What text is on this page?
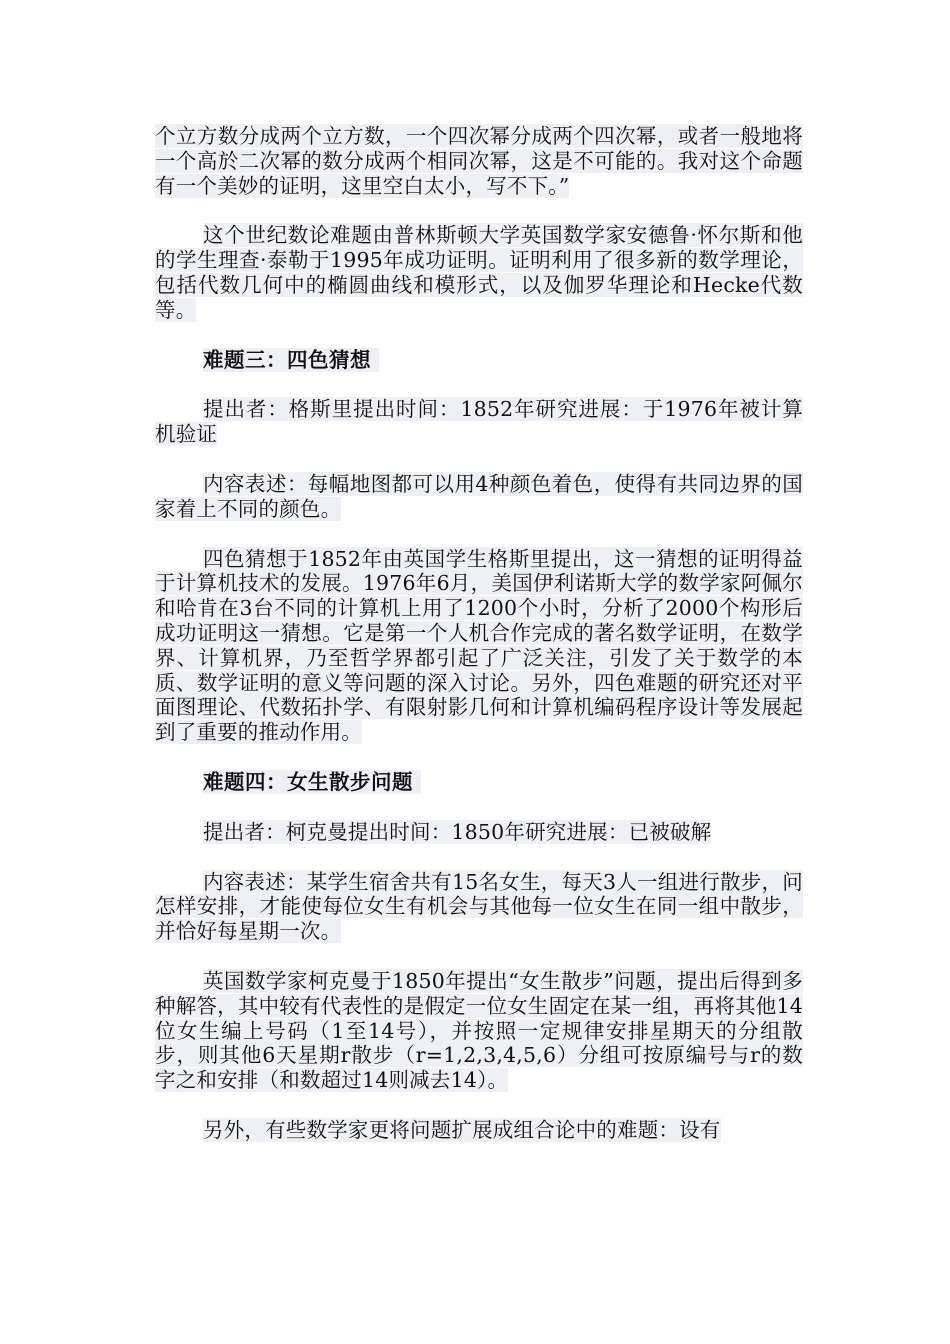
个立方数分成两个立方数，一个四次幂分成两个四次幂，或者一般地将一个高於二次幂的数分成两个相同次幂，这是不可能的。我对这个命题有一个美妙的证明，这里空白太小，写不下。”

这个世纪数论难题由普林斯顿大学英国数学家安德鲁·怀尔斯和他的学生理查·泰勒于1995年成功证明。证明利用了很多新的数学理论，包括代数几何中的椭圆曲线和模形式，以及伽罗华理论和Hecke代数等。

难题三：四色猜想

提出者：格斯里提出时间：1852年研究进展：于1976年被计算机验证

内容表述：每幅地图都可以用4种颜色着色，使得有共同边界的国家着上不同的颜色。

四色猜想于1852年由英国学生格斯里提出，这一猜想的证明得益于计算机技术的发展。1976年6月，美国伊利诺斯大学的数学家阿佩尔和哈肯在3台不同的计算机上用了1200个小时，分析了2000个构形后成功证明这一猜想。它是第一个人机合作完成的著名数学证明，在数学界、计算机界，乃至哲学界都引起了广泛关注，引发了关于数学的本质、数学证明的意义等问题的深入讨论。另外，四色难题的研究还对平面图理论、代数拓扑学、有限射影几何和计算机编码程序设计等发展起到了重要的推动作用。

难题四：女生散步问题

提出者：柯克曼提出时间：1850年研究进展：已被破解

内容表述：某学生宿舍共有15名女生，每天3人一组进行散步，问怎样安排，才能使每位女生有机会与其他每一位女生在同一组中散步，并恰好每星期一次。

英国数学家柯克曼于1850年提出“女生散步”问题，提出后得到多种解答，其中较有代表性的是假定一位女生固定在某一组，再将其他14位女生编上号码（1至14号），并按照一定规律安排星期天的分组散步，则其他6天星期r散步（r=1,2,3,4,5,6）分组可按原编号与r的数字之和安排（和数超过14则减去14）。

另外，有些数学家更将问题扩展成组合论中的难题：设有
